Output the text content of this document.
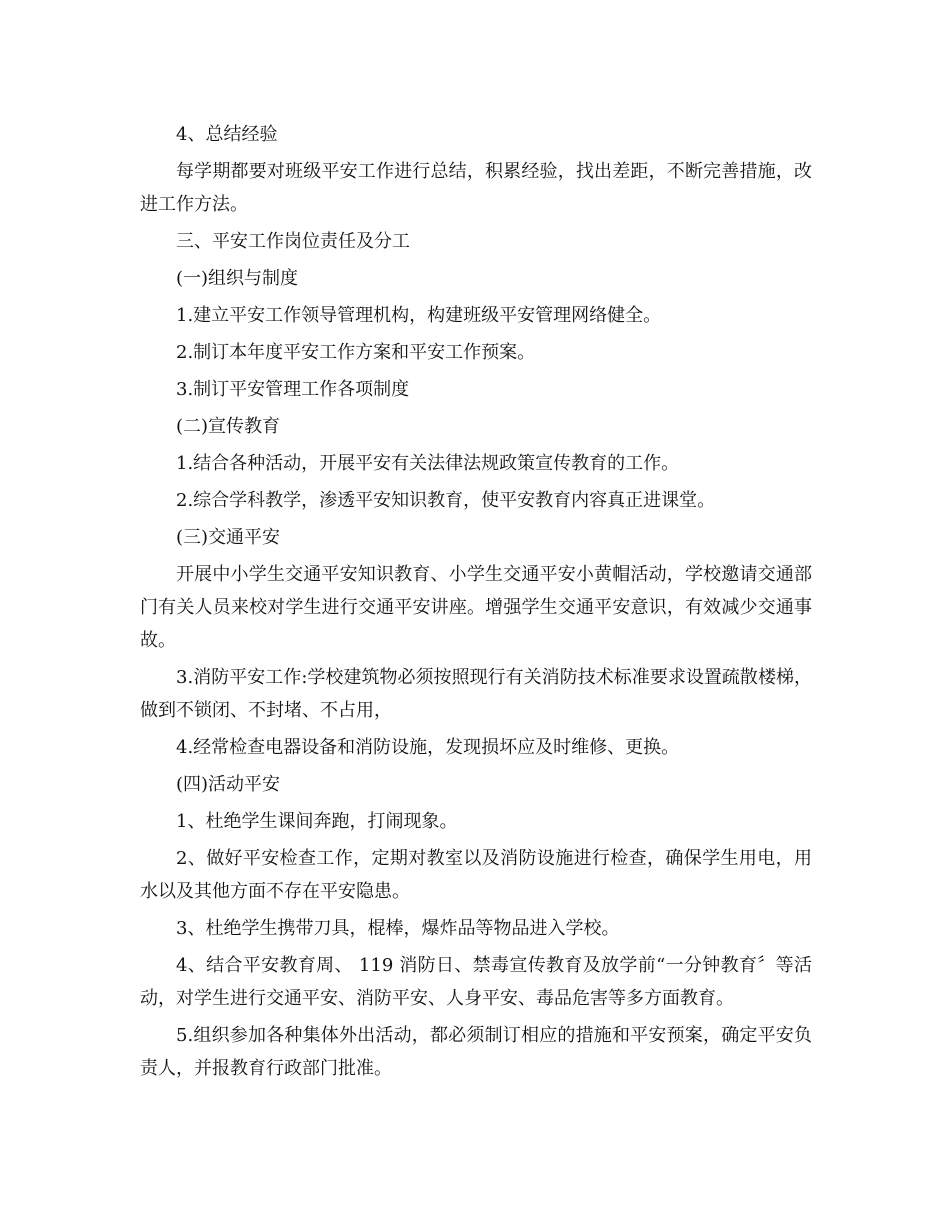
4、总结经验

每学期都要对班级平安工作进行总结，积累经验，找出差距，不断完善措施，改进工作方法。

三、平安工作岗位责任及分工

(一)组织与制度

1.建立平安工作领导管理机构，构建班级平安管理网络健全。

2.制订本年度平安工作方案和平安工作预案。

3.制订平安管理工作各项制度

(二)宣传教育

1.结合各种活动，开展平安有关法律法规政策宣传教育的工作。

2.综合学科教学，渗透平安知识教育，使平安教育内容真正进课堂。

(三)交通平安

开展中小学生交通平安知识教育、小学生交通平安小黄帽活动，学校邀请交通部门有关人员来校对学生进行交通平安讲座。增强学生交通平安意识，有效减少交通事故。

3.消防平安工作:学校建筑物必须按照现行有关消防技术标准要求设置疏散楼梯，做到不锁闭、不封堵、不占用，

4.经常检查电器设备和消防设施，发现损坏应及时维修、更换。

(四)活动平安

1、杜绝学生课间奔跑，打闹现象。

2、做好平安检查工作，定期对教室以及消防设施进行检查，确保学生用电，用水以及其他方面不存在平安隐患。

3、杜绝学生携带刀具，棍棒，爆炸品等物品进入学校。

4、结合平安教育周、 119 消防日、禁毒宣传教育及放学前“一分钟教育〞等活动，对学生进行交通平安、消防平安、人身平安、毒品危害等多方面教育。

5.组织参加各种集体外出活动，都必须制订相应的措施和平安预案，确定平安负责人，并报教育行政部门批准。
